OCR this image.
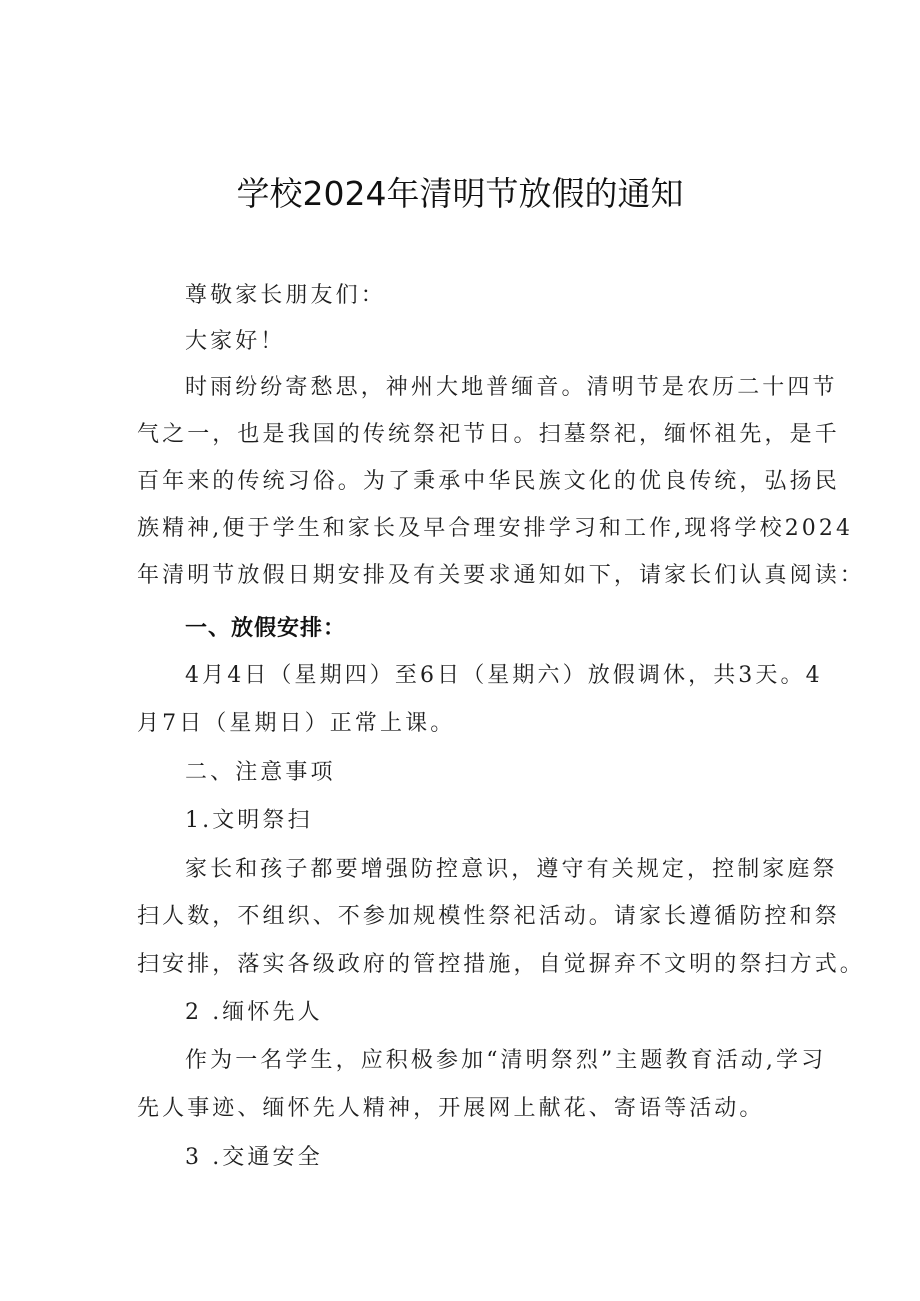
学校2024年清明节放假的通知
尊敬家长朋友们：
大家好！
时雨纷纷寄愁思，神州大地普缅音。清明节是农历二十四节
气之一，也是我国的传统祭祀节日。扫墓祭祀，缅怀祖先，是千
百年来的传统习俗。为了秉承中华民族文化的优良传统，弘扬民
族精神,便于学生和家长及早合理安排学习和工作,现将学校2024
年清明节放假日期安排及有关要求通知如下，请家长们认真阅读：
一、放假安排：
4月4日（星期四）至6日（星期六）放假调休，共3天。4
月7日（星期日）正常上课。
二、注意事项
1.文明祭扫
家长和孩子都要增强防控意识，遵守有关规定，控制家庭祭
扫人数，不组织、不参加规模性祭祀活动。请家长遵循防控和祭
扫安排，落实各级政府的管控措施，自觉摒弃不文明的祭扫方式。
2 .缅怀先人
作为一名学生，应积极参加“清明祭烈”主题教育活动,学习
先人事迹、缅怀先人精神，开展网上献花、寄语等活动。
3 .交通安全
